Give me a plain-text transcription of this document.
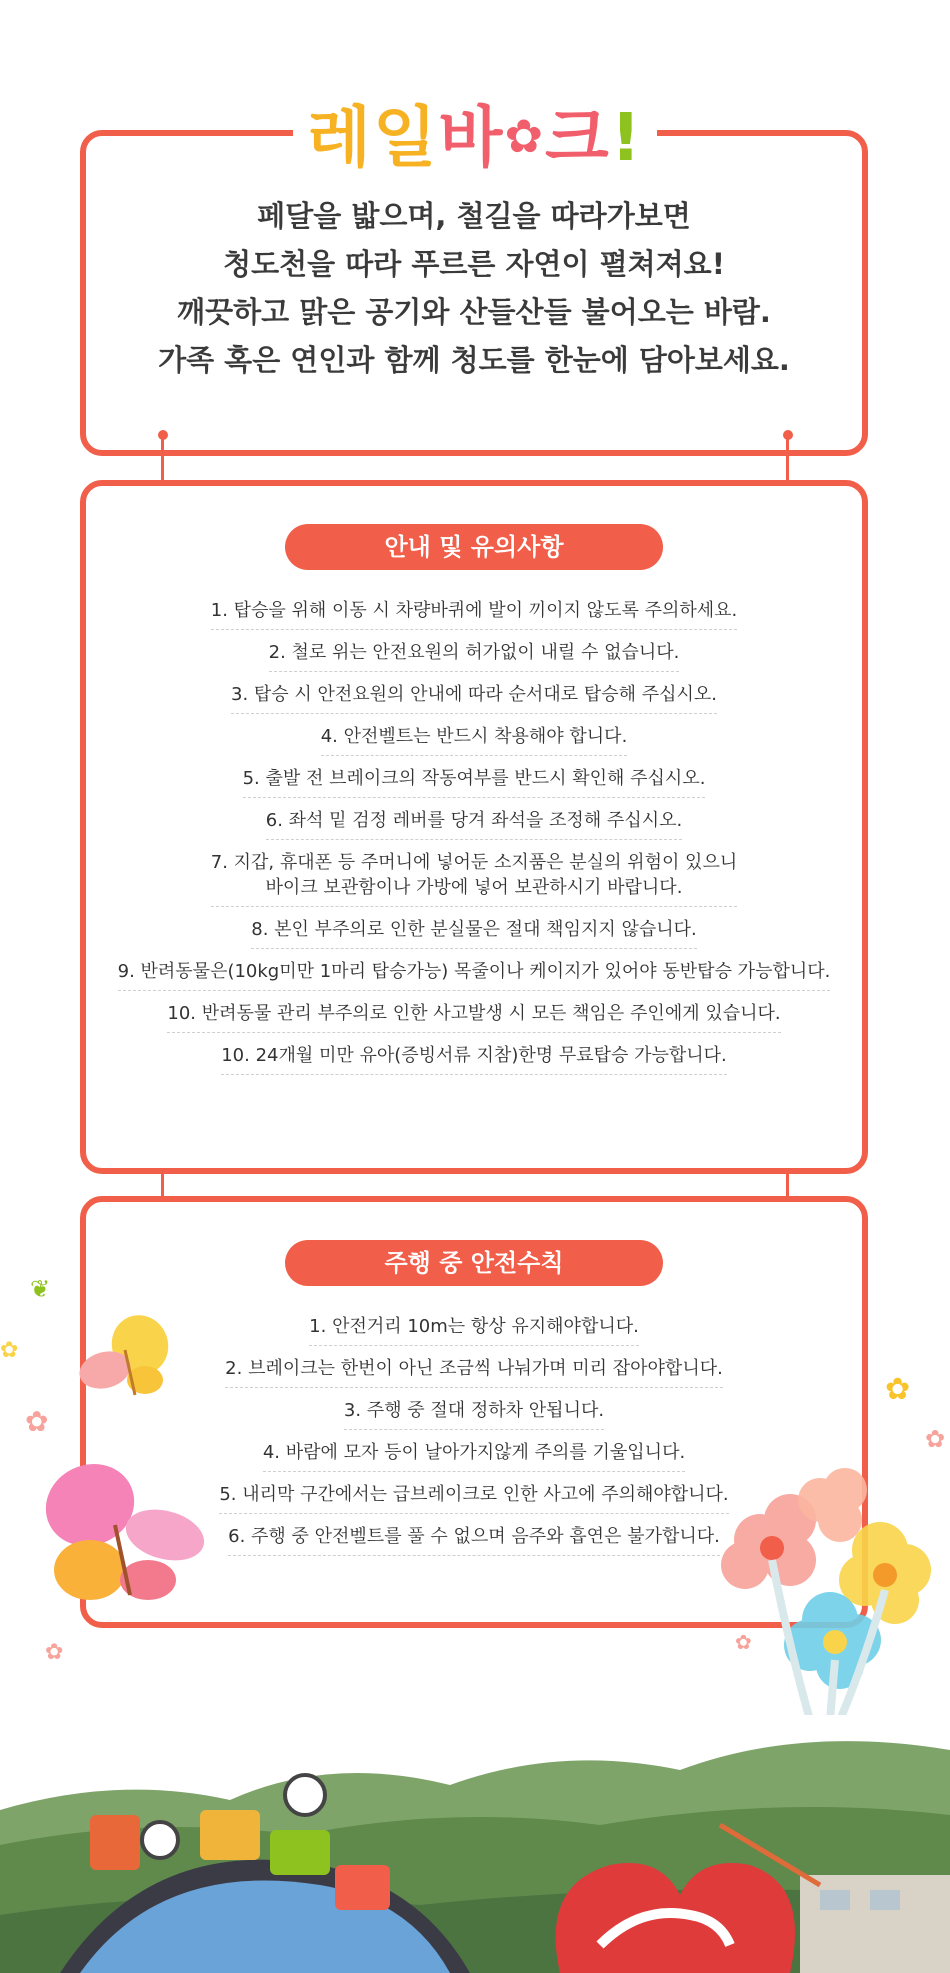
페달을 밟으며, 철길을 따라가보면
청도천을 따라 푸르른 자연이 펼쳐져요!
깨끗하고 맑은 공기와 산들산들 불어오는 바람.
가족 혹은 연인과 함께 청도를 한눈에 담아보세요.
레일바✿크!
안내 및 유의사항
1. 탑승을 위해 이동 시 차량바퀴에 발이 끼이지 않도록 주의하세요.
2. 철로 위는 안전요원의 허가없이 내릴 수 없습니다.
3. 탑승 시 안전요원의 안내에 따라 순서대로 탑승해 주십시오.
4. 안전벨트는 반드시 착용해야 합니다.
5. 출발 전 브레이크의 작동여부를 반드시 확인해 주십시오.
6. 좌석 밑 검정 레버를 당겨 좌석을 조정해 주십시오.
7. 지갑, 휴대폰 등 주머니에 넣어둔 소지품은 분실의 위험이 있으니
바이크 보관함이나 가방에 넣어 보관하시기 바랍니다.
8. 본인 부주의로 인한 분실물은 절대 책임지지 않습니다.
9. 반려동물은(10kg미만 1마리 탑승가능) 목줄이나 케이지가 있어야 동반탑승 가능합니다.
10. 반려동물 관리 부주의로 인한 사고발생 시 모든 책임은 주인에게 있습니다.
10. 24개월 미만 유아(증빙서류 지참)한명 무료탑승 가능합니다.
주행 중 안전수칙
1. 안전거리 10m는 항상 유지해야합니다.
2. 브레이크는 한번이 아닌 조금씩 나눠가며 미리 잡아야합니다.
3. 주행 중 절대 정하차 안됩니다.
4. 바람에 모자 등이 날아가지않게 주의를 기울입니다.
5. 내리막 구간에서는 급브레이크로 인한 사고에 주의해야합니다.
6. 주행 중 안전벨트를 풀 수 없으며 음주와 흡연은 불가합니다.
❦
✿
✿
✿
✿
✿	✿
